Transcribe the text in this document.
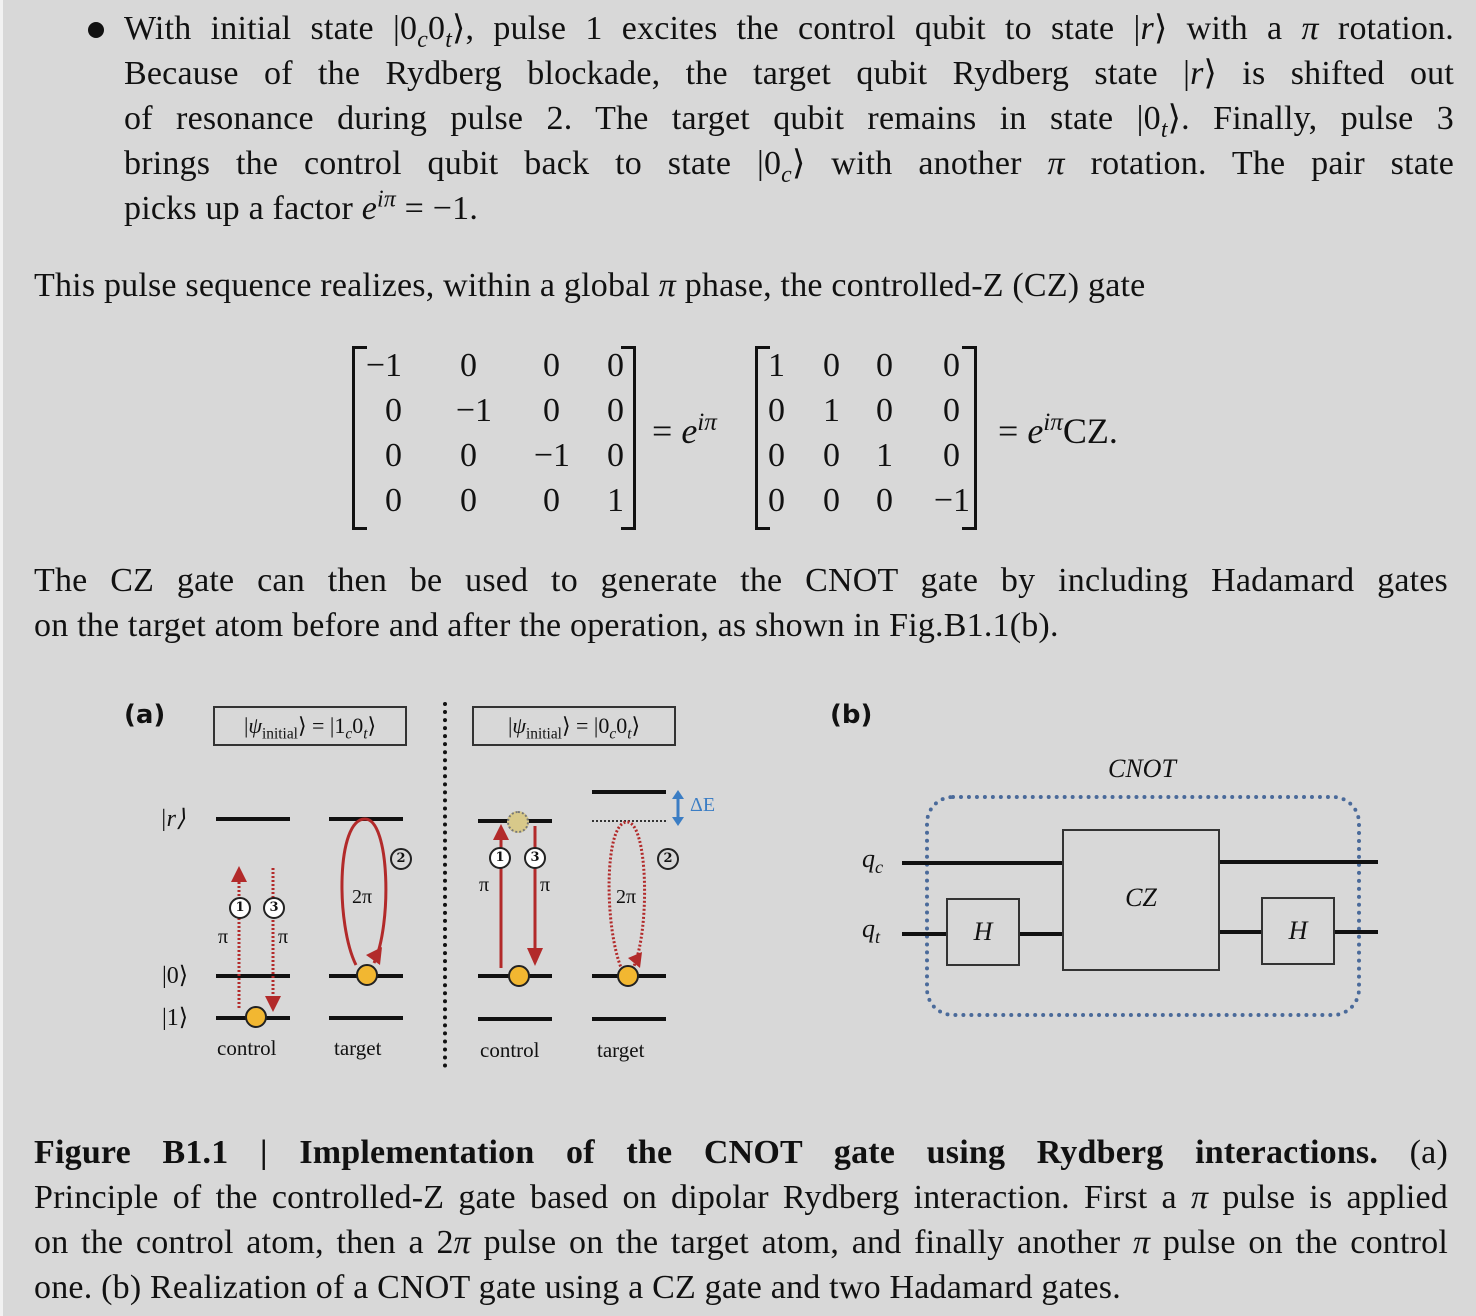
With initial state $|0_c0_t⟩$, pulse 1 excites the control qubit to state |r⟩ with a π rotation.
Because of the Rydberg blockade, the target qubit Rydberg state |r⟩ is shifted out
of resonance during pulse 2. The target qubit remains in state $|0_t⟩$. Finally, pulse 3
brings the control qubit back to state $|0_c⟩$ with another π rotation. The pair state
picks up a factor $e^{i\pi} = -1$.
This pulse sequence realizes, within a global π phase, the controlled-Z (CZ) gate
−1	0	0	0
0	−1	0	0
0	0	−1	0
0	0	0	1
= $e^{i\pi}$
1	0	0	0
0	1	0	0
0	0	1	0
0	0	0	−1
= $e^{i\pi}CZ$.
The CZ gate can then be used to generate the CNOT gate by including Hadamard gates
on the target atom before and after the operation, as shown in Fig.B1.1(b).
(a)	$|\psi_{initial}⟩$ = $|1_c0_t⟩$
|r⟩
|0⟩
|1⟩
1	3
π π
2
2π
control	target
$|\psi_{initial}⟩$ = $|0_c0_t⟩$
1	3
π	π
ΔE
2
2π
control	target
(b)
CNOT
$q_c$
$q_t$	H
CZ
H
Figure B1.1 | Implementation of the CNOT gate using Rydberg interactions. (a)
Principle of the controlled-Z gate based on dipolar Rydberg interaction. First a π pulse is applied
on the control atom, then a 2π pulse on the target atom, and finally another π pulse on the control
one. (b) Realization of a CNOT gate using a CZ gate and two Hadamard gates.
